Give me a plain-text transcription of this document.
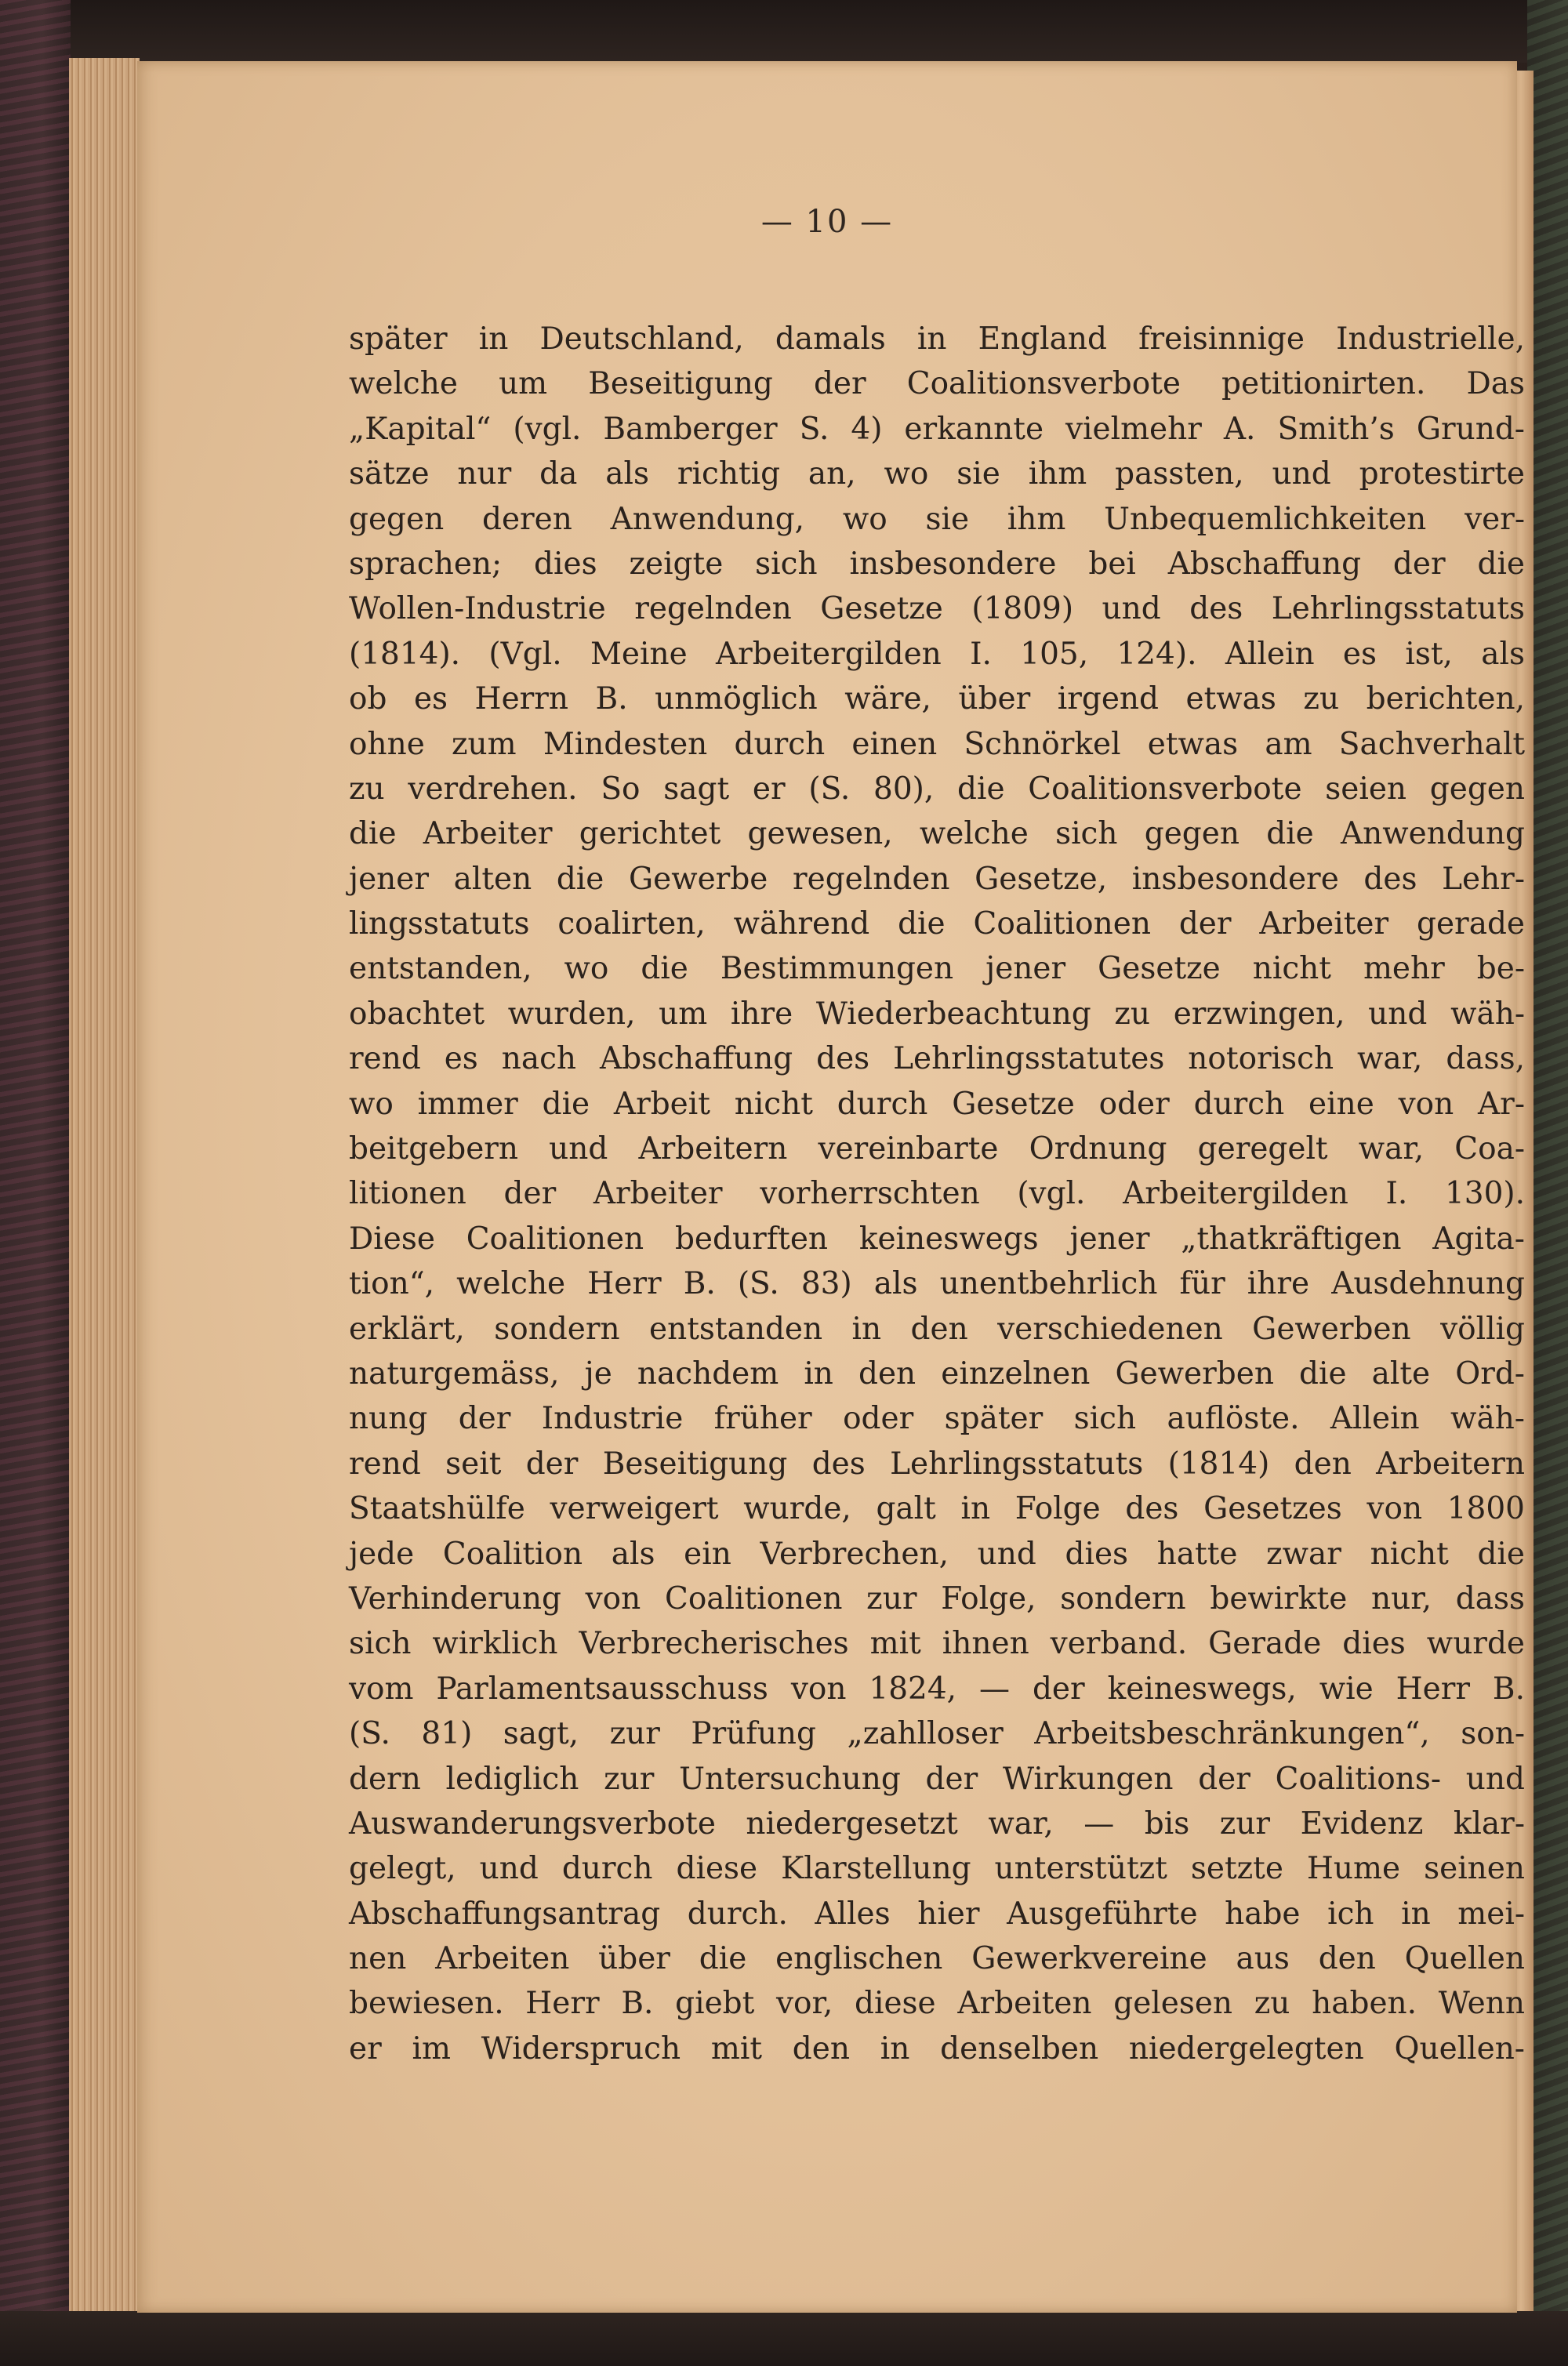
— 10 —

später in Deutschland, damals in England freisinnige Industrielle,
welche um Beseitigung der Coalitionsverbote petitionirten. Das
„Kapital“ (vgl. Bamberger S. 4) erkannte vielmehr A. Smith’s Grund-
sätze nur da als richtig an, wo sie ihm passten, und protestirte
gegen deren Anwendung, wo sie ihm Unbequemlichkeiten ver-
sprachen; dies zeigte sich insbesondere bei Abschaffung der die
Wollen-Industrie regelnden Gesetze (1809) und des Lehrlingsstatuts
(1814). (Vgl. Meine Arbeitergilden I. 105, 124). Allein es ist, als
ob es Herrn B. unmöglich wäre, über irgend etwas zu berichten,
ohne zum Mindesten durch einen Schnörkel etwas am Sachverhalt
zu verdrehen. So sagt er (S. 80), die Coalitionsverbote seien gegen
die Arbeiter gerichtet gewesen, welche sich gegen die Anwendung
jener alten die Gewerbe regelnden Gesetze, insbesondere des Lehr-
lingsstatuts coalirten, während die Coalitionen der Arbeiter gerade
entstanden, wo die Bestimmungen jener Gesetze nicht mehr be-
obachtet wurden, um ihre Wiederbeachtung zu erzwingen, und wäh-
rend es nach Abschaffung des Lehrlingsstatutes notorisch war, dass,
wo immer die Arbeit nicht durch Gesetze oder durch eine von Ar-
beitgebern und Arbeitern vereinbarte Ordnung geregelt war, Coa-
litionen der Arbeiter vorherrschten (vgl. Arbeitergilden I. 130).
Diese Coalitionen bedurften keineswegs jener „thatkräftigen Agita-
tion“, welche Herr B. (S. 83) als unentbehrlich für ihre Ausdehnung
erklärt, sondern entstanden in den verschiedenen Gewerben völlig
naturgemäss, je nachdem in den einzelnen Gewerben die alte Ord-
nung der Industrie früher oder später sich auflöste. Allein wäh-
rend seit der Beseitigung des Lehrlingsstatuts (1814) den Arbeitern
Staatshülfe verweigert wurde, galt in Folge des Gesetzes von 1800
jede Coalition als ein Verbrechen, und dies hatte zwar nicht die
Verhinderung von Coalitionen zur Folge, sondern bewirkte nur, dass
sich wirklich Verbrecherisches mit ihnen verband. Gerade dies wurde
vom Parlamentsausschuss von 1824, — der keineswegs, wie Herr B.
(S. 81) sagt, zur Prüfung „zahlloser Arbeitsbeschränkungen“, son-
dern lediglich zur Untersuchung der Wirkungen der Coalitions- und
Auswanderungsverbote niedergesetzt war, — bis zur Evidenz klar-
gelegt, und durch diese Klarstellung unterstützt setzte Hume seinen
Abschaffungsantrag durch. Alles hier Ausgeführte habe ich in mei-
nen Arbeiten über die englischen Gewerkvereine aus den Quellen
bewiesen. Herr B. giebt vor, diese Arbeiten gelesen zu haben. Wenn
er im Widerspruch mit den in denselben niedergelegten Quellen-
